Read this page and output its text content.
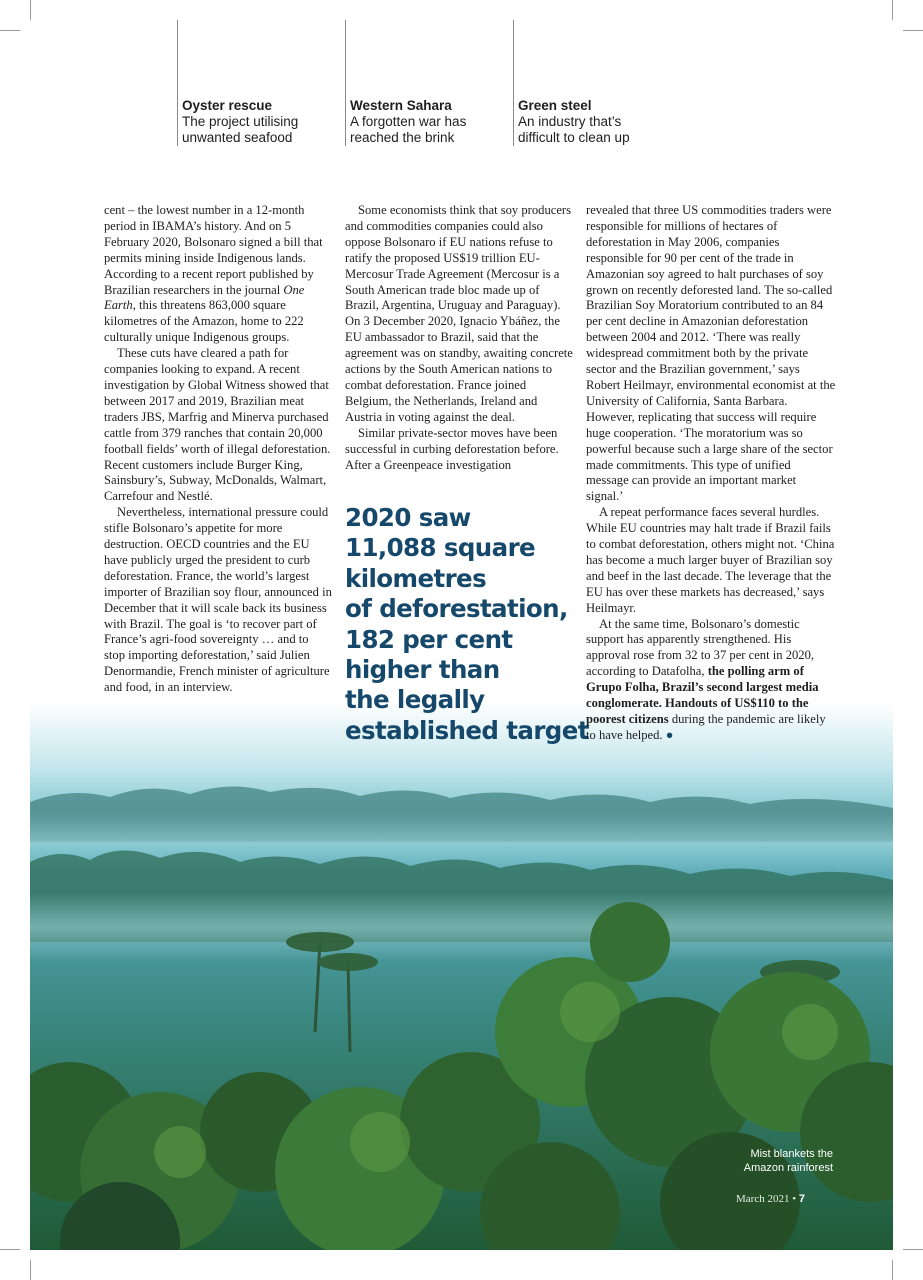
Oyster rescue
The project utilising
unwanted seafood
Western Sahara
A forgotten war has
reached the brink
Green steel
An industry that’s
difficult to clean up

cent – the lowest number in a 12-month period in IBAMA’s history. And on 5 February 2020, Bolsonaro signed a bill that permits mining inside Indigenous lands. According to a recent report published by Brazilian researchers in the journal One Earth, this threatens 863,000 square kilometres of the Amazon, home to 222 culturally unique Indigenous groups.

These cuts have cleared a path for companies looking to expand. A recent investigation by Global Witness showed that between 2017 and 2019, Brazilian meat traders JBS, Marfrig and Minerva purchased cattle from 379 ranches that contain 20,000 football fields’ worth of illegal deforestation. Recent customers include Burger King, Sainsbury’s, Subway, McDonalds, Walmart, Carrefour and Nestlé.

Nevertheless, international pressure could stifle Bolsonaro’s appetite for more destruction. OECD countries and the EU have publicly urged the president to curb deforestation. France, the world’s largest importer of Brazilian soy flour, announced in December that it will scale back its business with Brazil. The goal is ‘to recover part of France’s agri-food sovereignty … and to stop importing deforestation,’ said Julien Denormandie, French minister of agriculture and food, in an interview.

Some economists think that soy producers and commodities companies could also oppose Bolsonaro if EU nations refuse to ratify the proposed US$19 trillion EU-Mercosur Trade Agreement (Mercosur is a South American trade bloc made up of Brazil, Argentina, Uruguay and Paraguay). On 3 December 2020, Ignacio Ybáñez, the EU ambassador to Brazil, said that the agreement was on standby, awaiting concrete actions by the South American nations to combat deforestation. France joined Belgium, the Netherlands, Ireland and Austria in voting against the deal.

Similar private-sector moves have been successful in curbing deforestation before. After a Greenpeace investigation

2020 saw
11,088 square
kilometres
of deforestation,
182 per cent
higher than
the legally
established target

revealed that three US commodities traders were responsible for millions of hectares of deforestation in May 2006, companies responsible for 90 per cent of the trade in Amazonian soy agreed to halt purchases of soy grown on recently deforested land. The so-called Brazilian Soy Moratorium contributed to an 84 per cent decline in Amazonian deforestation between 2004 and 2012. ‘There was really widespread commitment both by the private sector and the Brazilian government,’ says Robert Heilmayr, environmental economist at the University of California, Santa Barbara. However, replicating that success will require huge cooperation. ‘The moratorium was so powerful because such a large share of the sector made commitments. This type of unified message can provide an important market signal.’

A repeat performance faces several hurdles. While EU countries may halt trade if Brazil fails to combat deforestation, others might not. ‘China has become a much larger buyer of Brazilian soy and beef in the last decade. The leverage that the EU has over these markets has decreased,’ says Heilmayr.

At the same time, Bolsonaro’s domestic support has apparently strengthened. His approval rose from 32 to 37 per cent in 2020, according to Datafolha, the polling arm of Grupo Folha, Brazil’s second largest media conglomerate. Handouts of US$110 to the poorest citizens during the pandemic are likely to have helped. ●

Mist blankets the
Amazon rainforest
March 2021 • 7
